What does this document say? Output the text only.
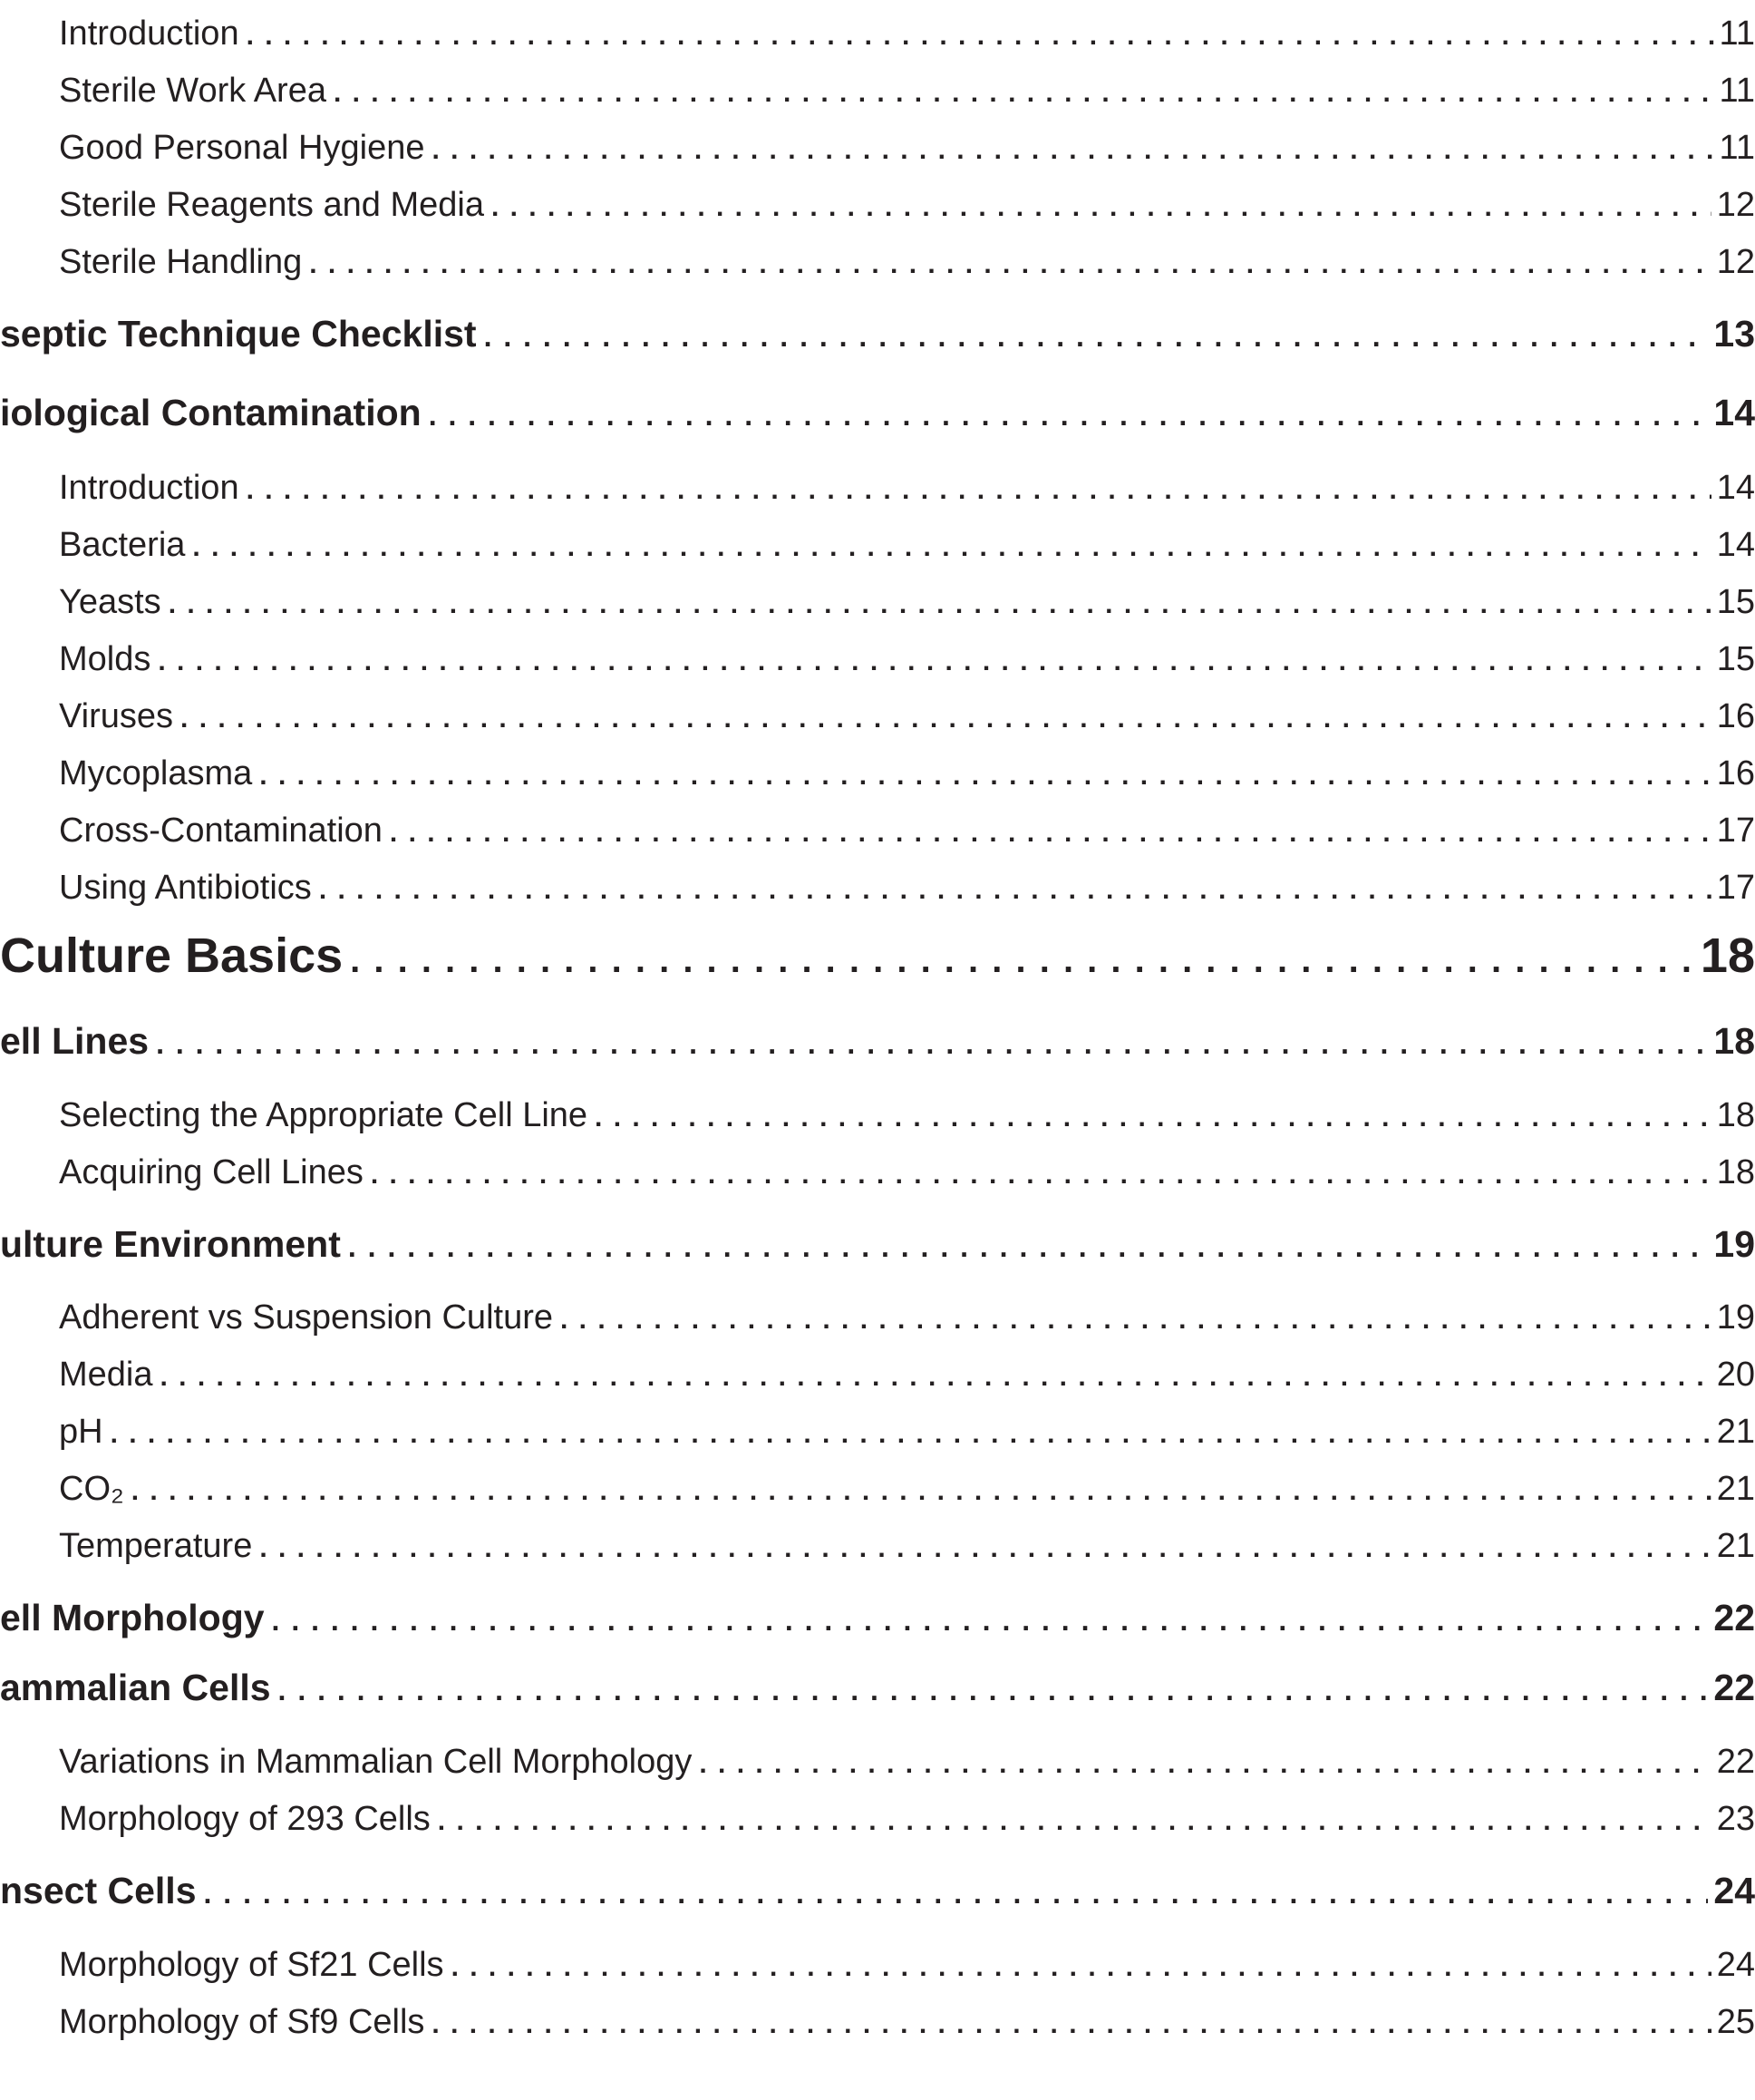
Introduction . . .	11
Sterile Work Area . . .	11
Good Personal Hygiene . . .	11
Sterile Reagents and Media . . .	12
Sterile Handling . . .	12
septic Technique Checklist . . .	13
iological Contamination . . .	14
Introduction . . .	14
Bacteria . . .	14
Yeasts . . .	15
Molds . . .	15
Viruses . . .	16
Mycoplasma . . .	16
Cross-Contamination . . .	17
Using Antibiotics . . .	17
Culture Basics . . .	18
ell Lines . . .	18
Selecting the Appropriate Cell Line . . .	18
Acquiring Cell Lines . . .	18
ulture Environment . . .	19
Adherent vs Suspension Culture . . .	19
Media . . .	20
pH . . .	21
CO₂ . . .	21
Temperature . . .	21
ell Morphology . . .	22
ammalian Cells . . .	22
Variations in Mammalian Cell Morphology . . .	22
Morphology of 293 Cells . . .	23
nsect Cells . . .	24
Morphology of Sf21 Cells . . .	24
Morphology of Sf9 Cells . . .	25
